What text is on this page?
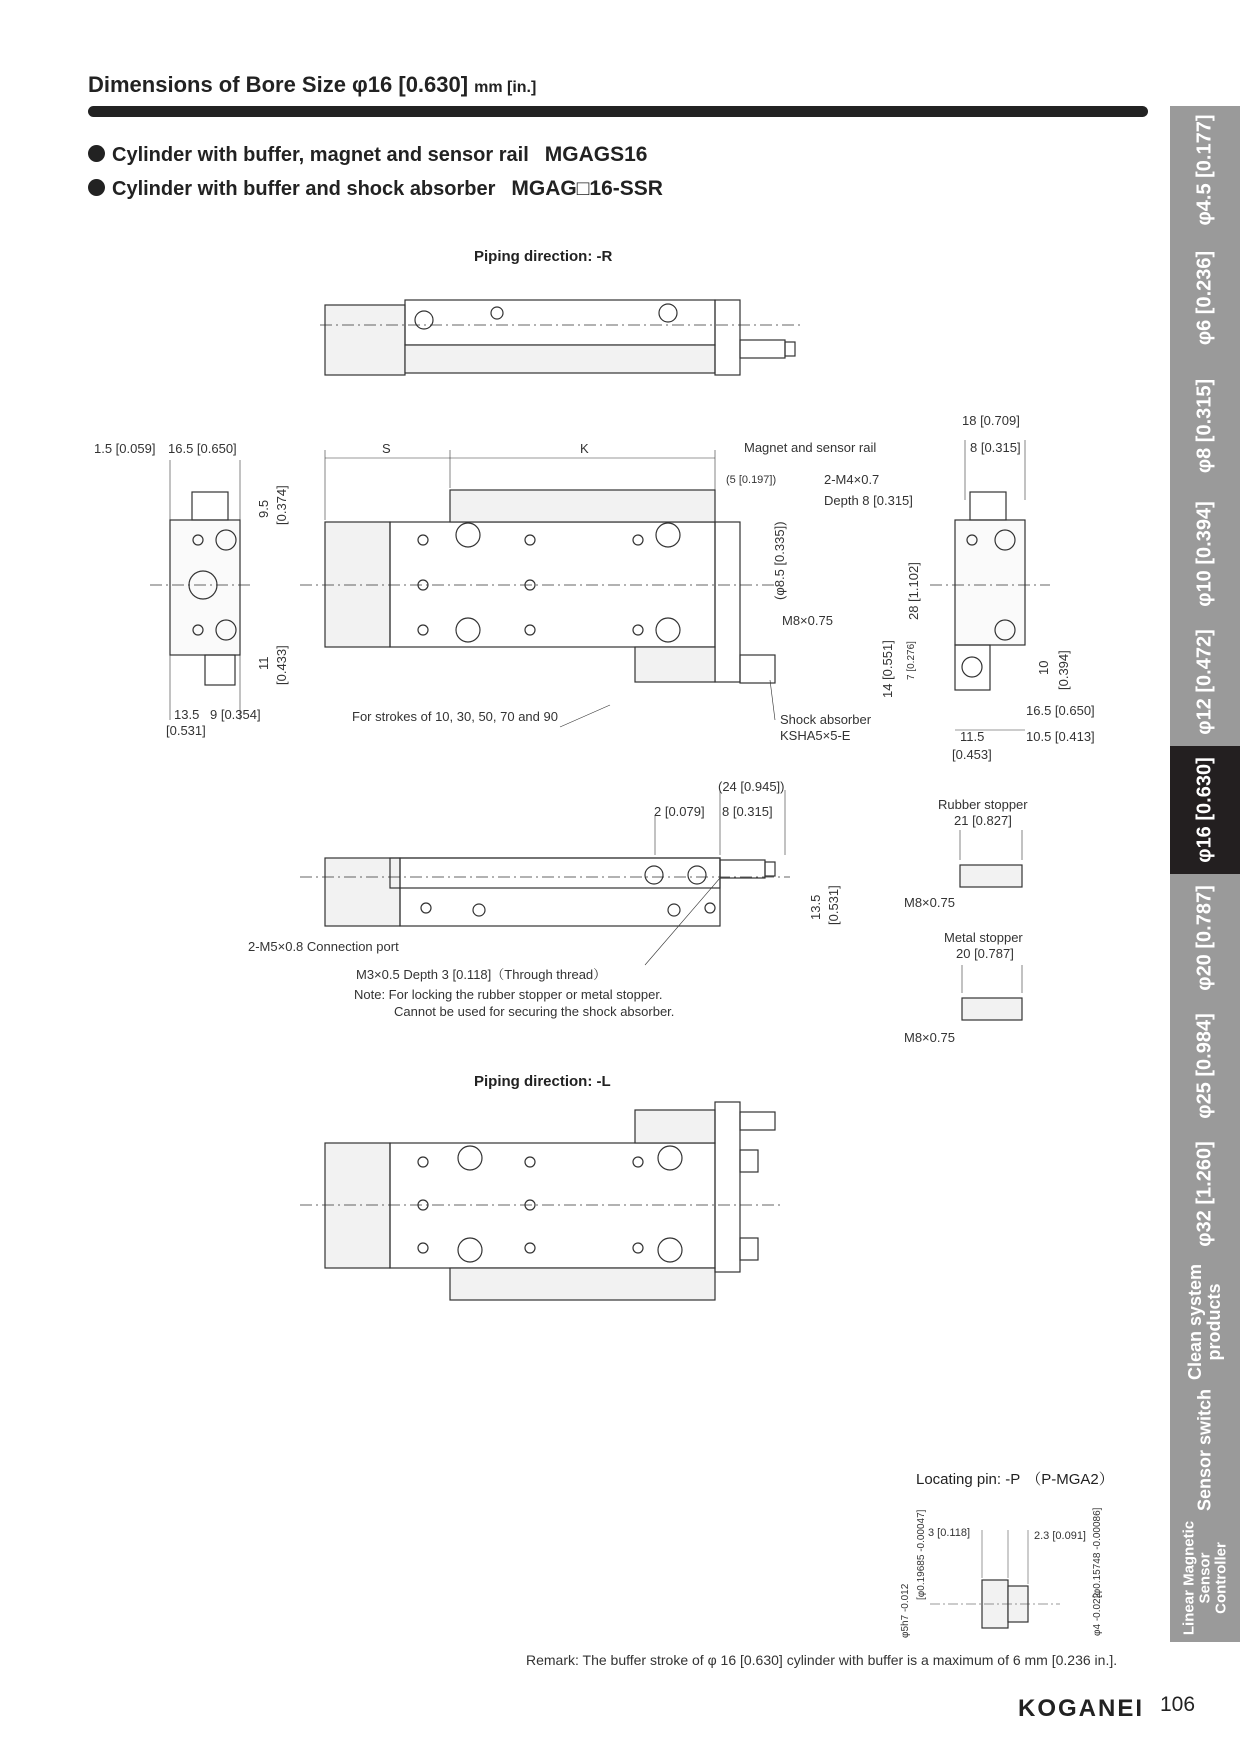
Dimensions of Bore Size φ16 [0.630] mm [in.]
Cylinder with buffer, magnet and sensor rail MGAGS16
Cylinder with buffer and shock absorber MGAG□16-SSR
Piping direction: -R
Piping direction: -L
1.5 [0.059] 16.5 [0.650]
9.5 [0.374]
11 [0.433]
13.5
[0.531]
9 [0.354]
S	K	Magnet and sensor rail
(5 [0.197])
(φ8.5 [0.335])
M8×0.75
For strokes of 10, 30, 50, 70 and 90	Shock absorber
KSHA5×5-E
18 [0.709]
8 [0.315]
2-M4×0.7
Depth 8 [0.315]
28 [1.102]
14 [0.551] 7 [0.276]	10 [0.394]
16.5 [0.650]
11.5
[0.453]
10.5 [0.413]
(24 [0.945])
2 [0.079] 8 [0.315]
13.5 [0.531]
2-M5×0.8 Connection port
M3×0.5 Depth 3 [0.118]（Through thread）
Note: For locking the rubber stopper or metal stopper.
Cannot be used for securing the shock absorber.
Rubber stopper
21 [0.827]
M8×0.75
Metal stopper
20 [0.787]
M8×0.75
Locating pin: -P （P-MGA2）
3 [0.118]	2.3 [0.091]
φ5h7 -0.012
[φ0.19685 -0.00047]
φ4 -0.022
[φ0.15748 -0.00086]
Remark: The buffer stroke of φ 16 [0.630] cylinder with buffer is a maximum of 6 mm [0.236 in.].
KOGANEI 106
φ4.5 [0.177]
φ6 [0.236]
φ8 [0.315]
φ10 [0.394]
φ12 [0.472]
φ16 [0.630]
φ20 [0.787]
φ25 [0.984]
φ32 [1.260]
Clean system products
Sensor switch
Linear Magnetic Sensor Controller
